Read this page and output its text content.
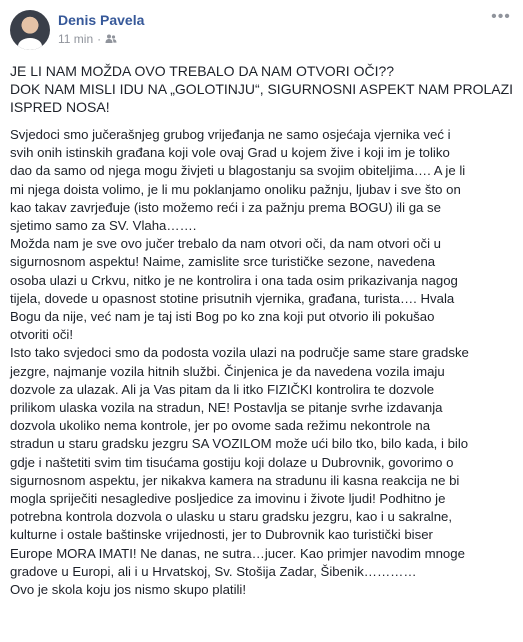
Denis Pavela
11 min ·
•••
JE LI NAM MOŽDA OVO TREBALO DA NAM OTVORI OČI??
DOK NAM MISLI IDU NA „GOLOTINJU“, SIGURNOSNI ASPEKT NAM PROLAZI
ISPRED NOSA!

Svjedoci smo jučerašnjeg grubog vrijeđanja ne samo osjećaja vjernika već i
svih onih istinskih građana koji vole ovaj Grad u kojem žive i koji im je toliko
dao da samo od njega mogu živjeti u blagostanju sa svojim obiteljima…. A je li
mi njega doista volimo, je li mu poklanjamo onoliku pažnju, ljubav i sve što on
kao takav zavrjeđuje (isto možemo reći i za pažnju prema BOGU) ili ga se
sjetimo samo za SV. Vlaha…….

Možda nam je sve ovo jučer trebalo da nam otvori oči, da nam otvori oči u
sigurnosnom aspektu! Naime, zamislite srce turističke sezone, navedena
osoba ulazi u Crkvu, nitko je ne kontrolira i ona tada osim prikazivanja nagog
tijela, dovede u opasnost stotine prisutnih vjernika, građana, turista…. Hvala
Bogu da nije, već nam je taj isti Bog po ko zna koji put otvorio ili pokušao
otvoriti oči!

Isto tako svjedoci smo da podosta vozila ulazi na područje same stare gradske
jezgre, najmanje vozila hitnih službi. Činjenica je da navedena vozila imaju
dozvole za ulazak. Ali ja Vas pitam da li itko FIZIČKI kontrolira te dozvole
prilikom ulaska vozila na stradun, NE! Postavlja se pitanje svrhe izdavanja
dozvola ukoliko nema kontrole, jer po ovome sada režimu nekontrole na
stradun u staru gradsku jezgru SA VOZILOM može ući bilo tko, bilo kada, i bilo
gdje i naštetiti svim tim tisućama gostiju koji dolaze u Dubrovnik, govorimo o
sigurnosnom aspektu, jer nikakva kamera na stradunu ili kasna reakcija ne bi
mogla spriječiti nesagledive posljedice za imovinu i živote ljudi! Podhitno je
potrebna kontrola dozvola o ulasku u staru gradsku jezgru, kao i u sakralne,
kulturne i ostale baštinske vrijednosti, jer to Dubrovnik kao turistički biser
Europe MORA IMATI! Ne danas, ne sutra…jucer. Kao primjer navodim mnoge
gradove u Europi, ali i u Hrvatskoj, Sv. Stošija Zadar, Šibenik…………

Ovo je skola koju jos nismo skupo platili!
